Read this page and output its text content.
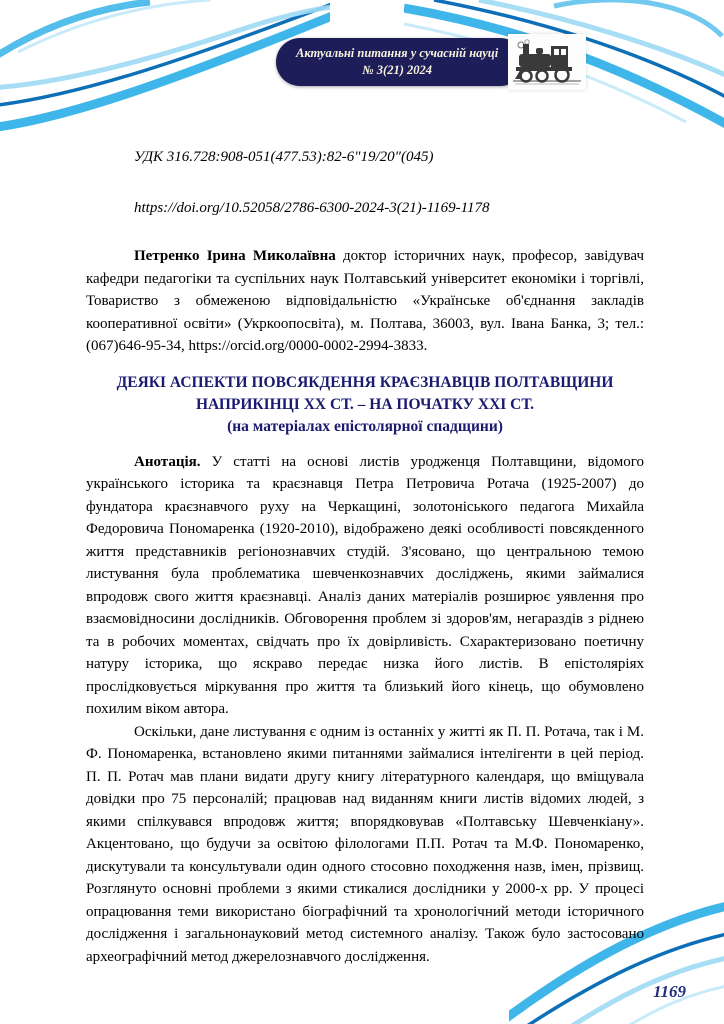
Актуальні питання у сучасній науці
№ 3(21) 2024

УДК 316.728:908-051(477.53):82-6"19/20"(045)

https://doi.org/10.52058/2786-6300-2024-3(21)-1169-1178

Петренко Ірина Миколаївна доктор історичних наук, професор, завідувач кафедри педагогіки та суспільних наук Полтавський університет економіки і торгівлі, Товариство з обмеженою відповідальністю «Українське об'єднання закладів кооперативної освіти» (Укркоопосвіта), м. Полтава, 36003, вул. Івана Банка, 3; тел.: (067)646-95-34, https://orcid.org/0000-0002-2994-3833.

ДЕЯКІ АСПЕКТИ ПОВСЯКДЕННЯ КРАЄЗНАВЦІВ ПОЛТАВЩИНИ НАПРИКІНЦІ ХХ СТ. – НА ПОЧАТКУ ХХІ СТ.
(на матеріалах епістолярної спадщини)

Анотація. У статті на основі листів уродженця Полтавщини, відомого українського історика та краєзнавця Петра Петровича Ротача (1925-2007) до фундатора краєзнавчого руху на Черкащині, золотоніського педагога Михайла Федоровича Пономаренка (1920-2010), відображено деякі особливості повсякденного життя представників регіонознавчих студій. З'ясовано, що центральною темою листування була проблематика шевченкознавчих досліджень, якими займалися впродовж свого життя краєзнавці. Аналіз даних матеріалів розширює уявлення про взаємовідносини дослідників. Обговорення проблем зі здоров'ям, негараздів з ріднею та в робочих моментах, свідчать про їх довірливість. Схарактеризовано поетичну натуру історика, що яскраво передає низка його листів. В епістоляріях прослідковується міркування про життя та близький його кінець, що обумовлено похилим віком автора.

Оскільки, дане листування є одним із останніх у житті як П. П. Ротача, так і М. Ф. Пономаренка, встановлено якими питаннями займалися інтелігенти в цей період. П. П. Ротач мав плани видати другу книгу літературного календаря, що вміщувала довідки про 75 персоналій; працював над виданням книги листів відомих людей, з якими спілкувався впродовж життя; впорядковував «Полтавську Шевченкіану». Акцентовано, що будучи за освітою філологами П.П. Ротач та М.Ф. Пономаренко, дискутували та консультували один одного стосовно походження назв, імен, прізвищ. Розглянуто основні проблеми з якими стикалися дослідники у 2000-х рр. У процесі опрацювання теми використано біографічний та хронологічний методи історичного дослідження і загальнонауковий метод системного аналізу. Також було застосовано археографічний метод джерелознавчого дослідження.

1169
